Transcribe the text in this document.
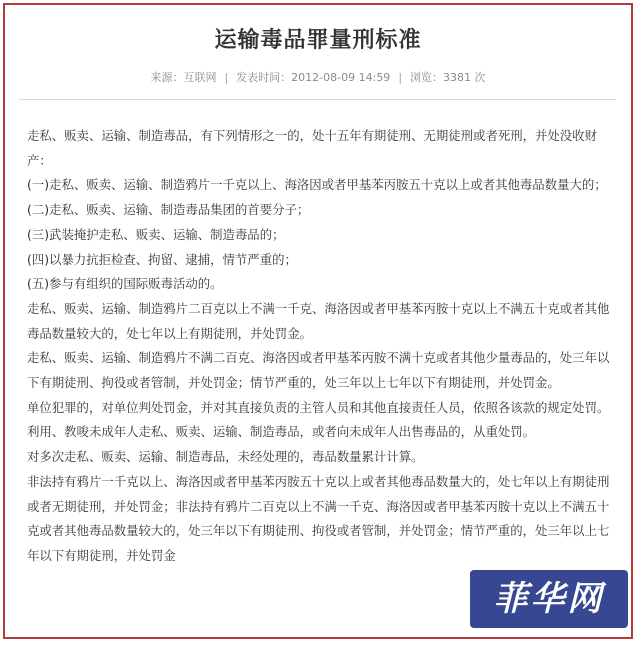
运输毒品罪量刑标准
来源：互联网 | 发表时间：2012-08-09 14:59 | 浏览：3381 次

走私、贩卖、运输、制造毒品，有下列情形之一的，处十五年有期徒刑、无期徒刑或者死刑，并处没收财产：

(一)走私、贩卖、运输、制造鸦片一千克以上、海洛因或者甲基苯丙胺五十克以上或者其他毒品数量大的；

(二)走私、贩卖、运输、制造毒品集团的首要分子；

(三)武装掩护走私、贩卖、运输、制造毒品的；

(四)以暴力抗拒检查、拘留、逮捕，情节严重的；

(五)参与有组织的国际贩毒活动的。

走私、贩卖、运输、制造鸦片二百克以上不满一千克、海洛因或者甲基苯丙胺十克以上不满五十克或者其他毒品数量较大的，处七年以上有期徒刑，并处罚金。

走私、贩卖、运输、制造鸦片不满二百克、海洛因或者甲基苯丙胺不满十克或者其他少量毒品的，处三年以下有期徒刑、拘役或者管制，并处罚金；情节严重的，处三年以上七年以下有期徒刑，并处罚金。

单位犯罪的，对单位判处罚金，并对其直接负责的主管人员和其他直接责任人员，依照各该款的规定处罚。

利用、教唆未成年人走私、贩卖、运输、制造毒品，或者向未成年人出售毒品的，从重处罚。

对多次走私、贩卖、运输、制造毒品，未经处理的，毒品数量累计计算。

非法持有鸦片一千克以上、海洛因或者甲基苯丙胺五十克以上或者其他毒品数量大的，处七年以上有期徒刑或者无期徒刑，并处罚金；非法持有鸦片二百克以上不满一千克、海洛因或者甲基苯丙胺十克以上不满五十克或者其他毒品数量较大的，处三年以下有期徒刑、拘役或者管制，并处罚金；情节严重的，处三年以上七年以下有期徒刑，并处罚金

菲华网
